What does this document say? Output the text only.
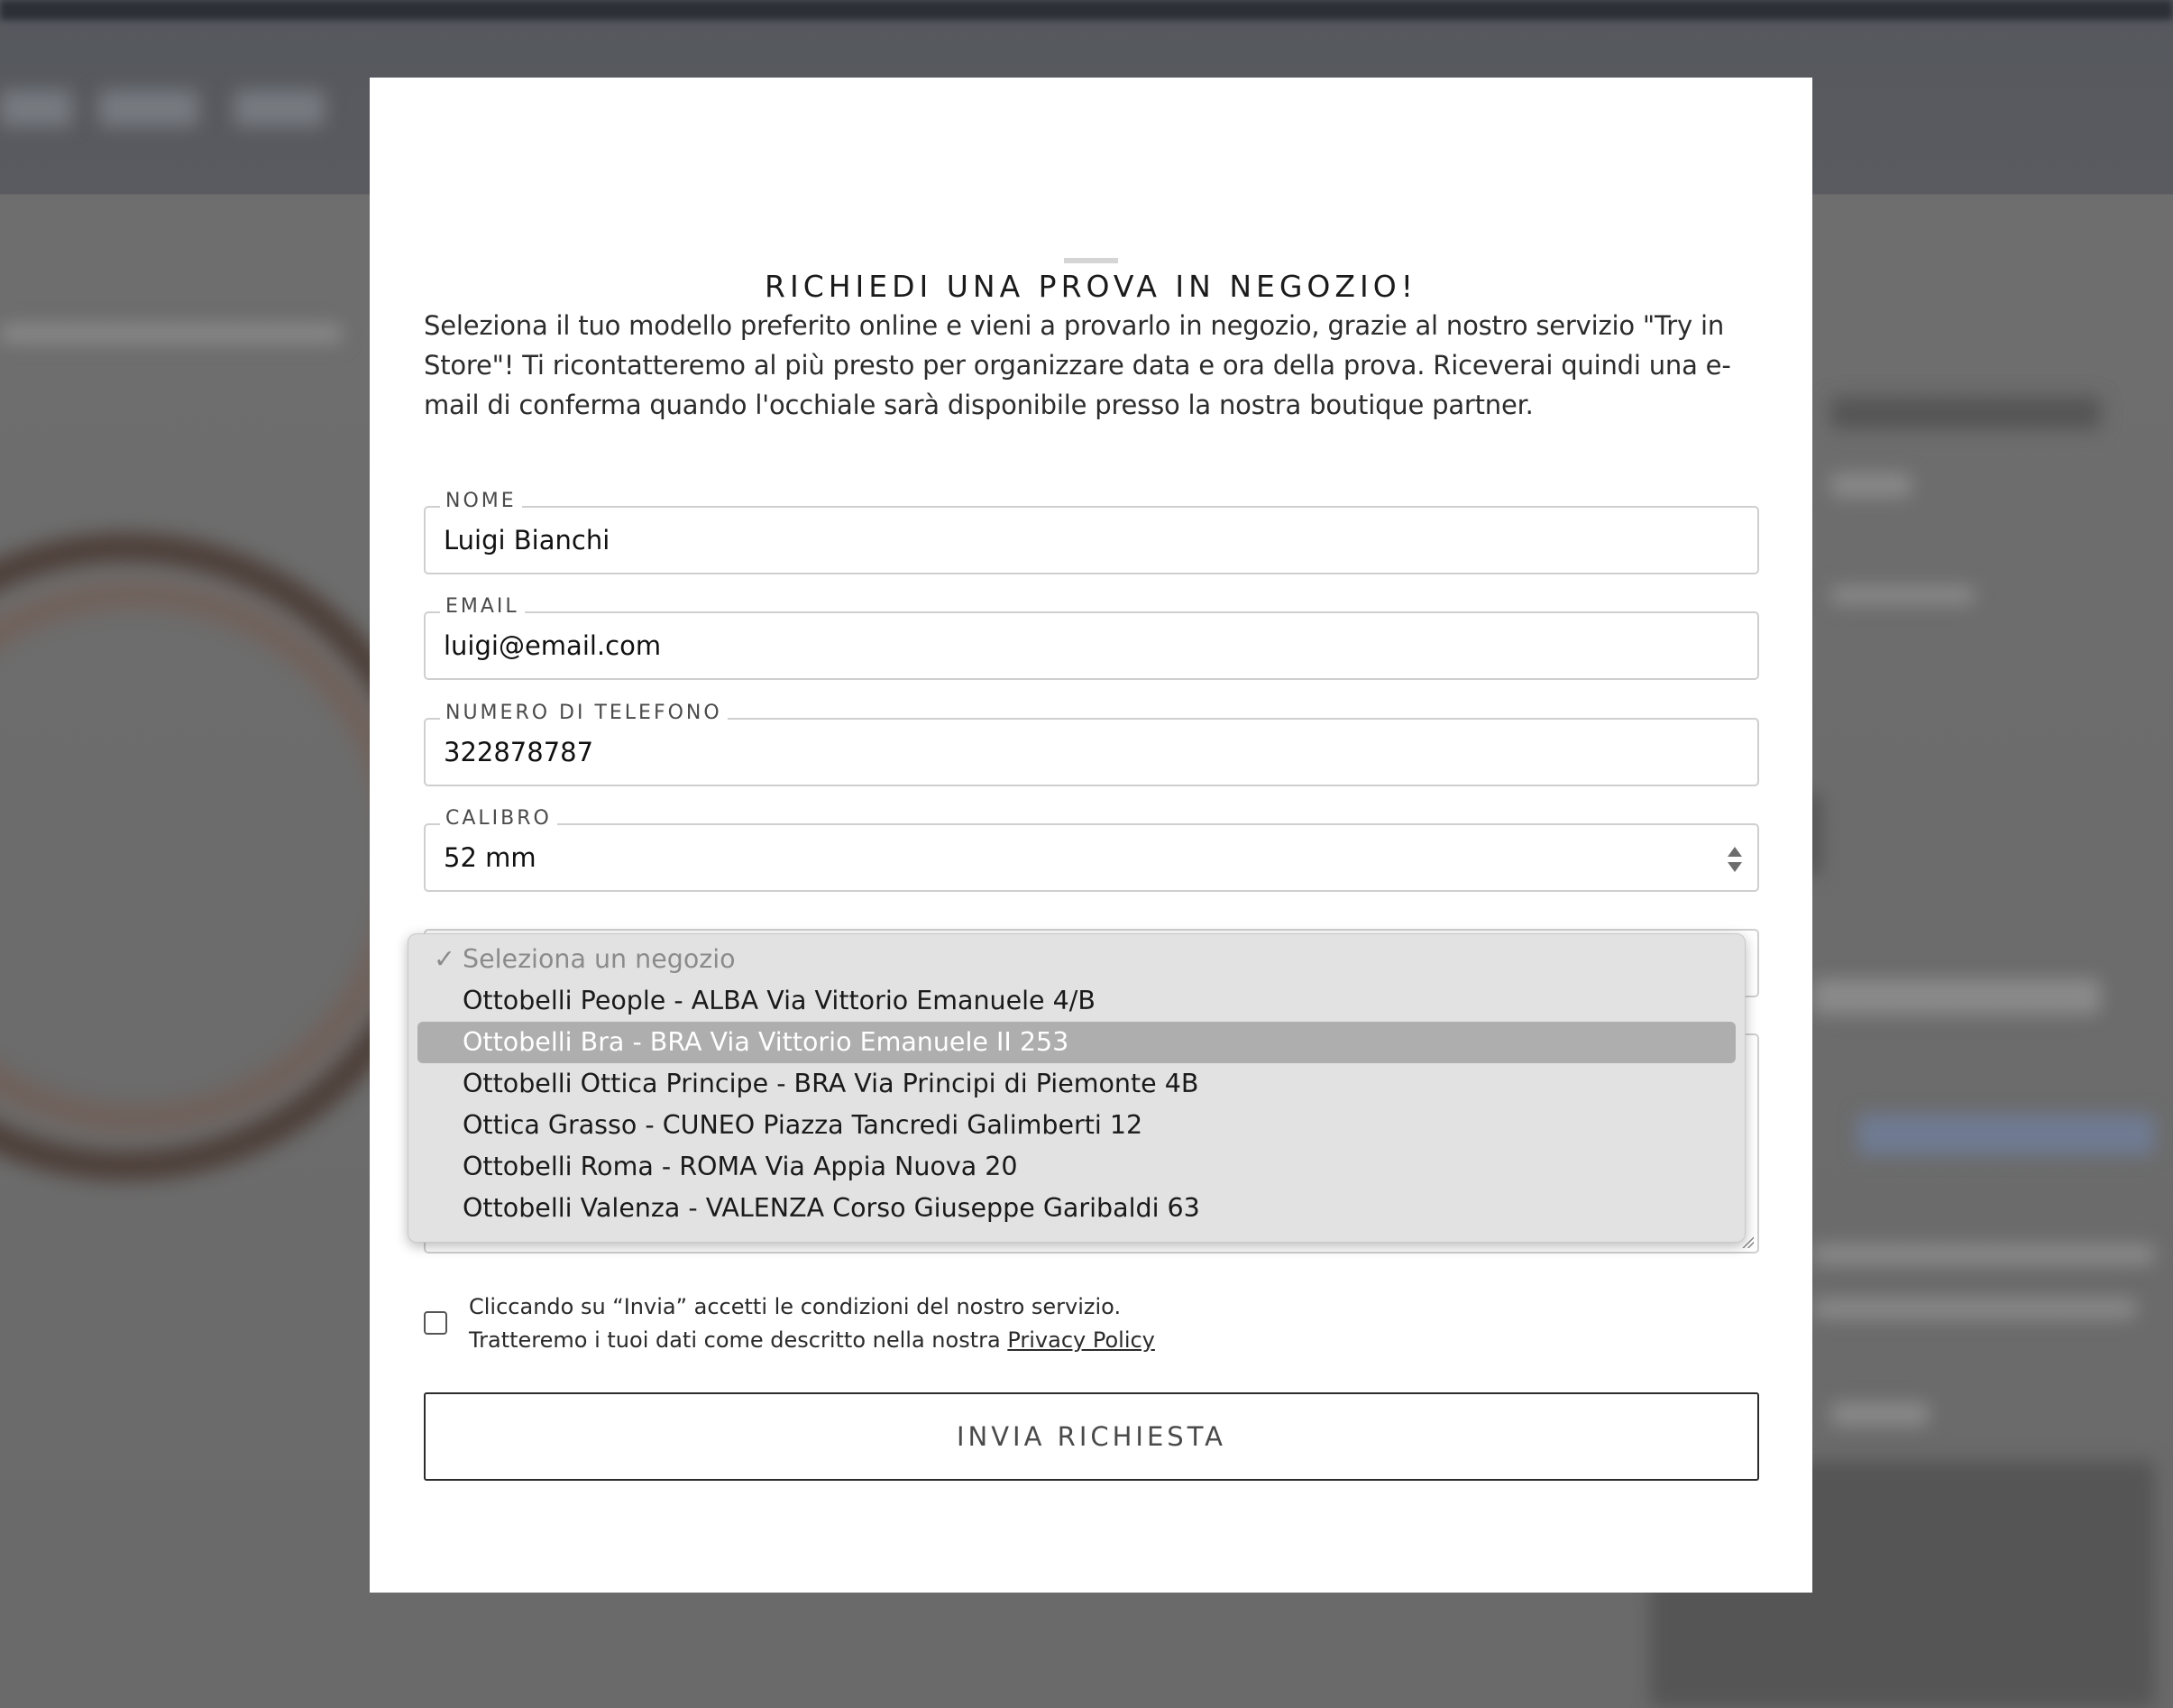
RICHIEDI UNA PROVA IN NEGOZIO!
Seleziona il tuo modello preferito online e vieni a provarlo in negozio, grazie al nostro servizio "Try in Store"! Ti ricontatteremo al più presto per organizzare data e ora della prova. Riceverai quindi una e-mail di conferma quando l'occhiale sarà disponibile presso la nostra boutique partner.
NOME
Luigi Bianchi
EMAIL
luigi@email.com
NUMERO DI TELEFONO
322878787
CALIBRO
52 mm
Cliccando su “Invia” accetti le condizioni del nostro servizio.
Tratteremo i tuoi dati come descritto nella nostra Privacy Policy
INVIA RICHIESTA
✓ Seleziona un negozio
Ottobelli People - ALBA Via Vittorio Emanuele 4/B
Ottobelli Bra - BRA Via Vittorio Emanuele II 253
Ottobelli Ottica Principe - BRA Via Principi di Piemonte 4B
Ottica Grasso - CUNEO Piazza Tancredi Galimberti 12
Ottobelli Roma - ROMA Via Appia Nuova 20
Ottobelli Valenza - VALENZA Corso Giuseppe Garibaldi 63
